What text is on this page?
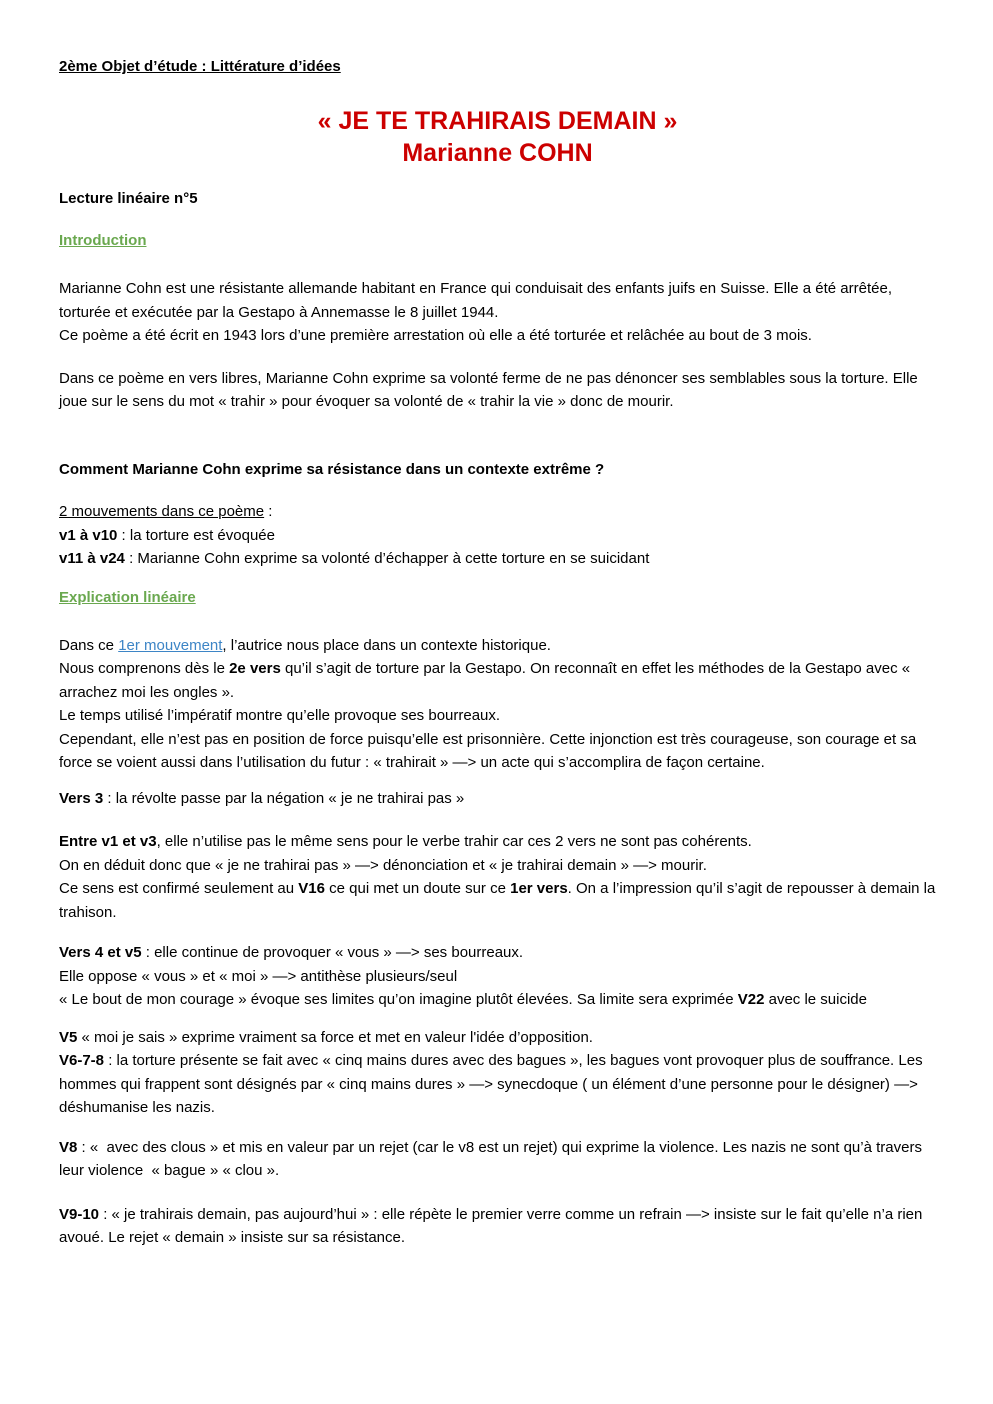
2ème Objet d’étude : Littérature d’idées
« JE TE TRAHIRAIS DEMAIN »
Marianne COHN
Lecture linéaire n°5
Introduction

Marianne Cohn est une résistante allemande habitant en France qui conduisait des enfants juifs en Suisse. Elle a été arrêtée, torturée et exécutée par la Gestapo à Annemasse le 8 juillet 1944.
Ce poème a été écrit en 1943 lors d’une première arrestation où elle a été torturée et relâchée au bout de 3 mois.

Dans ce poème en vers libres, Marianne Cohn exprime sa volonté ferme de ne pas dénoncer ses semblables sous la torture. Elle joue sur le sens du mot « trahir » pour évoquer sa volonté de « trahir la vie » donc de mourir.

Comment Marianne Cohn exprime sa résistance dans un contexte extrême ?

2 mouvements dans ce poème :
v1 à v10 : la torture est évoquée
v11 à v24 : Marianne Cohn exprime sa volonté d’échapper à cette torture en se suicidant

Explication linéaire

Dans ce 1er mouvement, l’autrice nous place dans un contexte historique.
Nous comprenons dès le 2e vers qu’il s’agit de torture par la Gestapo. On reconnaît en effet les méthodes de la Gestapo avec « arrachez moi les ongles ».
Le temps utilisé l’impératif montre qu’elle provoque ses bourreaux.
Cependant, elle n’est pas en position de force puisqu’elle est prisonnière. Cette injonction est très courageuse, son courage et sa force se voient aussi dans l’utilisation du futur : « trahirait » —> un acte qui s’accomplira de façon certaine.

Vers 3 : la révolte passe par la négation « je ne trahirai pas »

Entre v1 et v3, elle n’utilise pas le même sens pour le verbe trahir car ces 2 vers ne sont pas cohérents.
On en déduit donc que « je ne trahirai pas » —> dénonciation et « je trahirai demain » —> mourir.
Ce sens est confirmé seulement au V16 ce qui met un doute sur ce 1er vers. On a l’impression qu’il s’agit de repousser à demain la trahison.

Vers 4 et v5 : elle continue de provoquer « vous » —> ses bourreaux.
Elle oppose « vous » et « moi » —> antithèse plusieurs/seul
« Le bout de mon courage » évoque ses limites qu’on imagine plutôt élevées. Sa limite sera exprimée V22 avec le suicide

V5 « moi je sais » exprime vraiment sa force et met en valeur l'idée d’opposition.
V6-7-8 : la torture présente se fait avec « cinq mains dures avec des bagues », les bagues vont provoquer plus de souffrance. Les hommes qui frappent sont désignés par « cinq mains dures » —> synecdoque ( un élément d’une personne pour le désigner) —> déshumanise les nazis.

V8 : «  avec des clous » et mis en valeur par un rejet (car le v8 est un rejet) qui exprime la violence. Les nazis ne sont qu’à travers leur violence  « bague » « clou ».

V9-10 : « je trahirais demain, pas aujourd’hui » : elle répète le premier verre comme un refrain —> insiste sur le fait qu’elle n’a rien avoué. Le rejet « demain » insiste sur sa résistance.
